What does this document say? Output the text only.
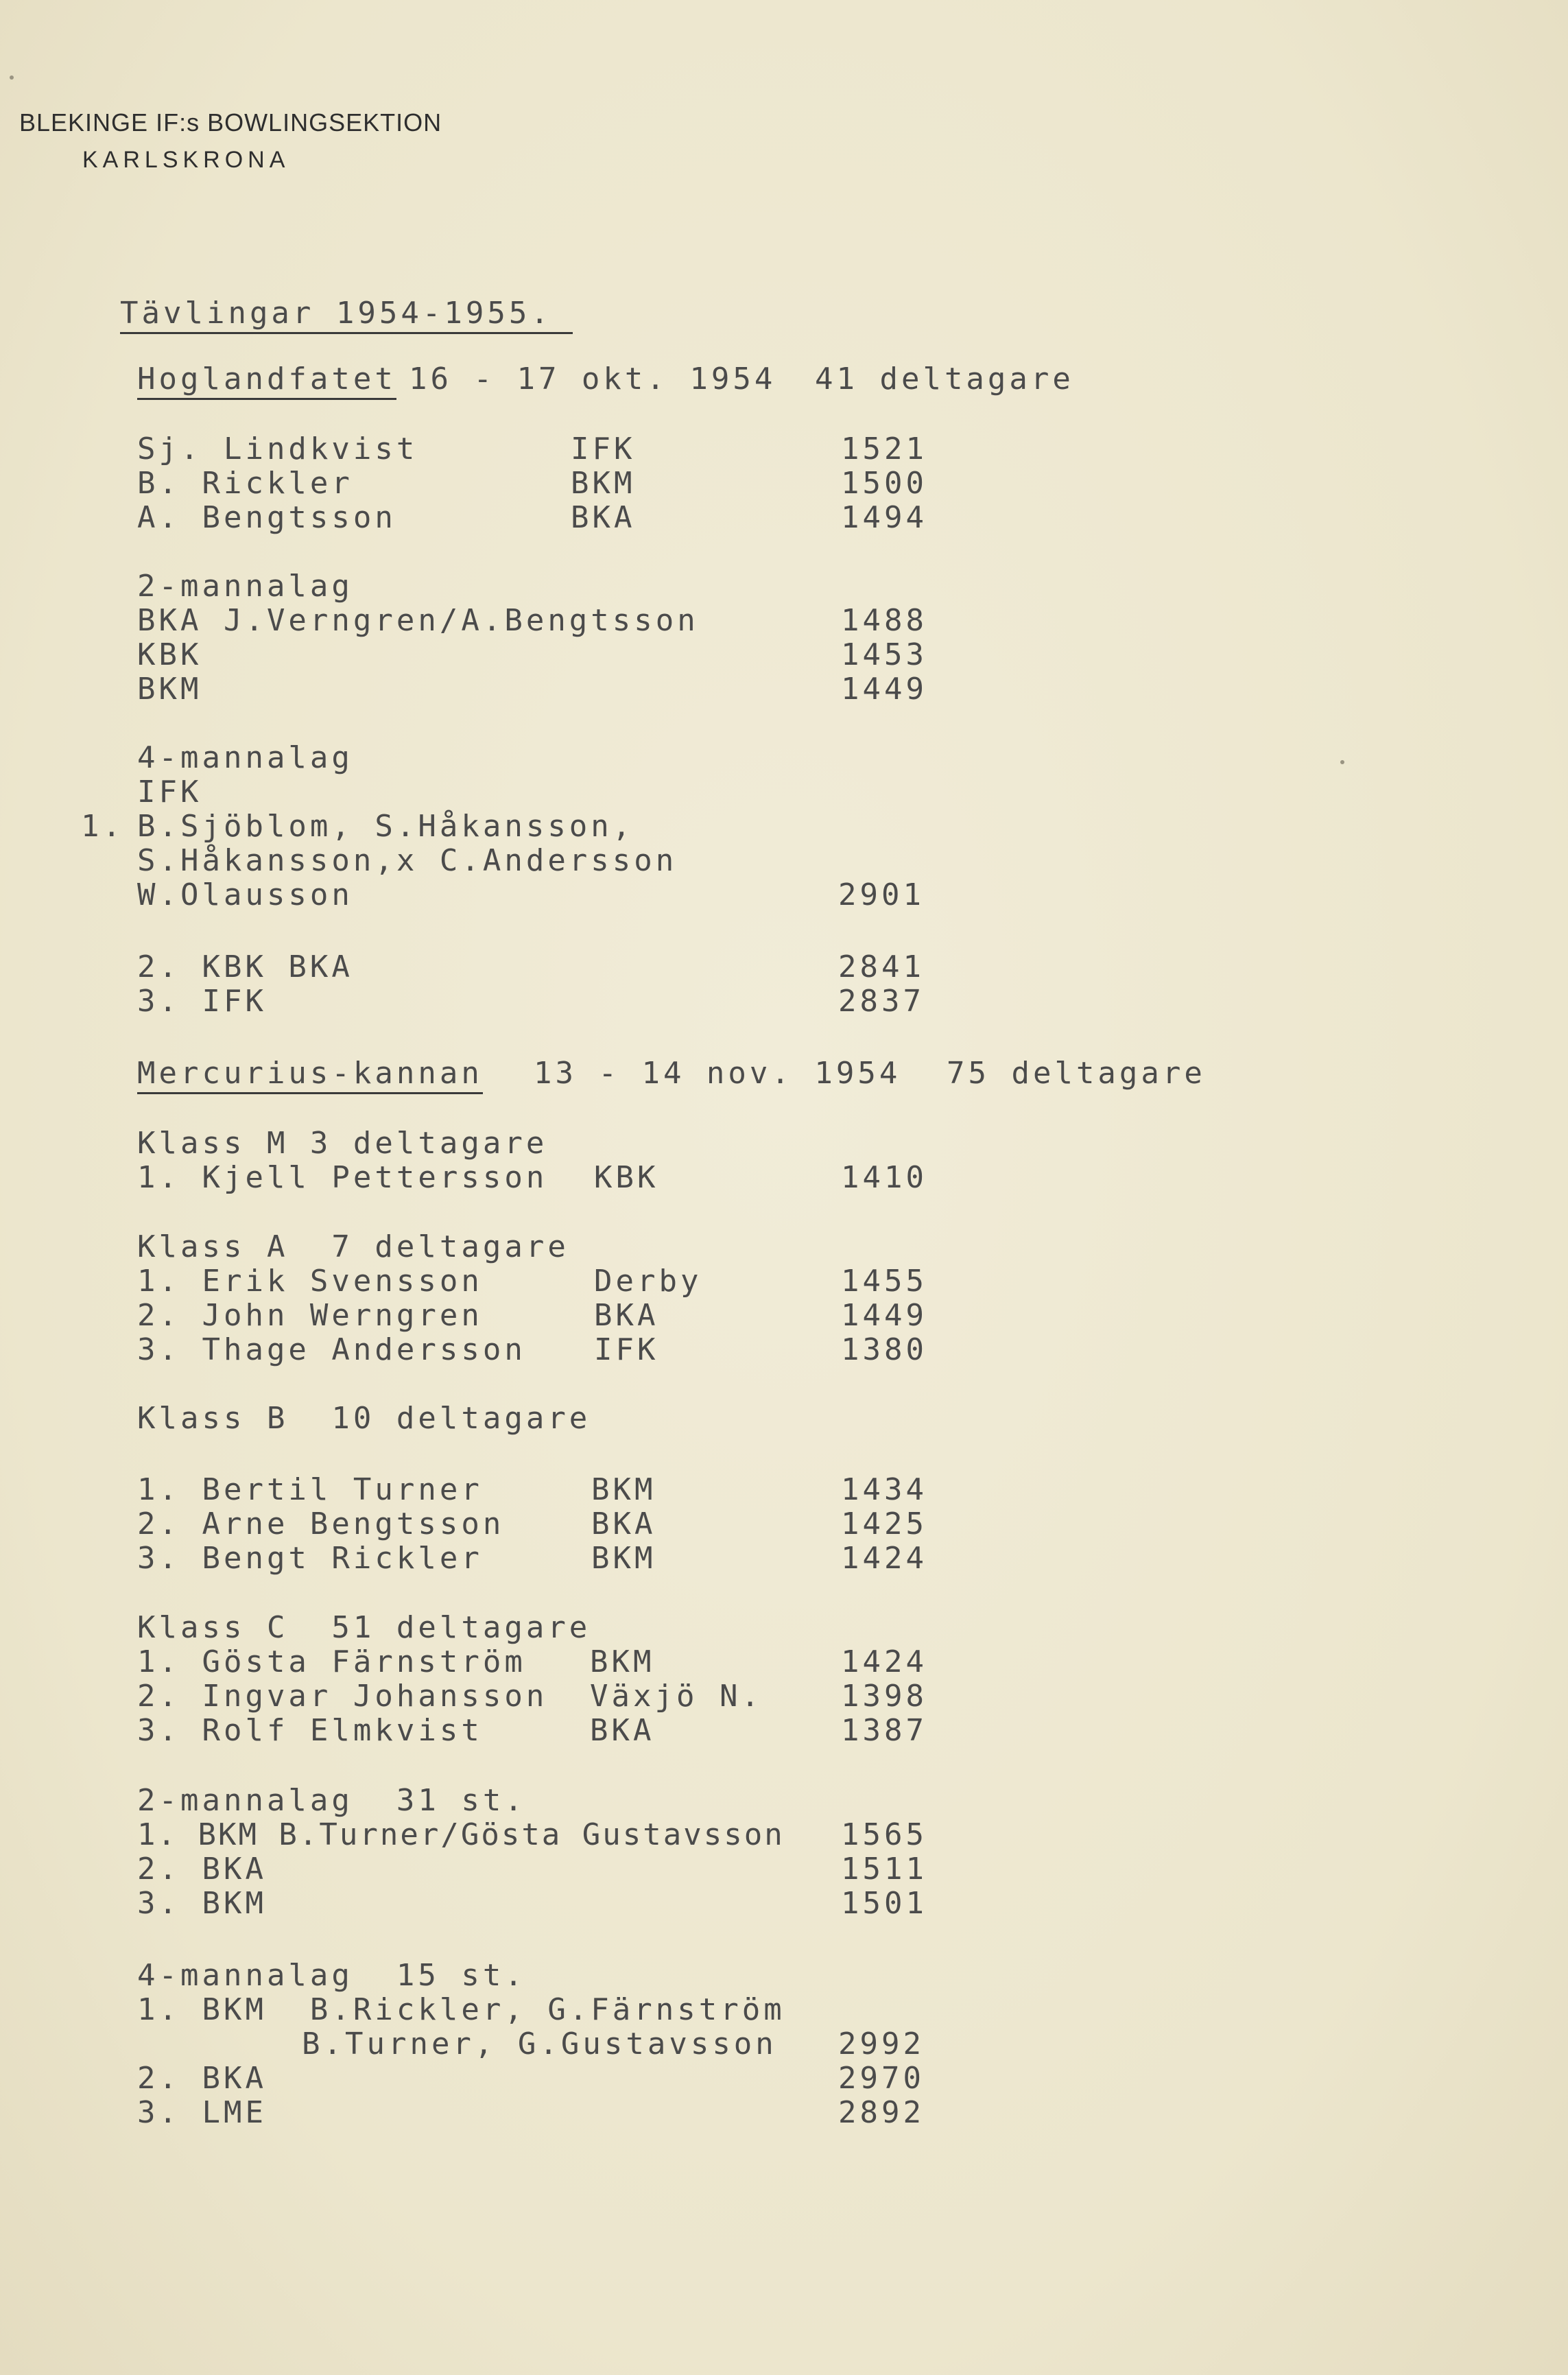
BLEKINGE IF:s BOWLINGSEKTION
KARLSKRONA
Tävlingar 1954-1955.
Hoglandfatet 16 - 17 okt. 1954 41 deltagare
Sj. Lindkvist	IFK	1521
B. Rickler	BKM	1500
A. Bengtsson	BKA	1494
2-mannalag
BKA J.Verngren/A.Bengtsson	1488
KBK	1453
BKM	1449
4-mannalag
IFK
1. B.Sjöblom, S.Håkansson,
S.Håkansson,x C.Andersson
W.Olausson	2901
2. KBK BKA	2841
3. IFK	2837
Mercurius-kannan 13 - 14 nov. 1954 75 deltagare
Klass M 3 deltagare
1. Kjell Pettersson KBK	1410
Klass A  7 deltagare
1. Erik Svensson	Derby	1455
2. John Werngren	BKA	1449
3. Thage Andersson IFK	1380
Klass B  10 deltagare
1. Bertil Turner	BKM	1434
2. Arne Bengtsson	BKA	1425
3. Bengt Rickler	BKM	1424
Klass C  51 deltagare
1. Gösta Färnström BKM	1424
2. Ingvar Johansson Växjö N.	1398
3. Rolf Elmkvist	BKA	1387
2-mannalag  31 st.
1. BKM B.Turner/Gösta Gustavsson 1565
2. BKA	1511
3. BKM	1501
4-mannalag  15 st.
1. BKM  B.Rickler, G.Färnström
B.Turner, G.Gustavsson 2992
2. BKA	2970
3. LME	2892
